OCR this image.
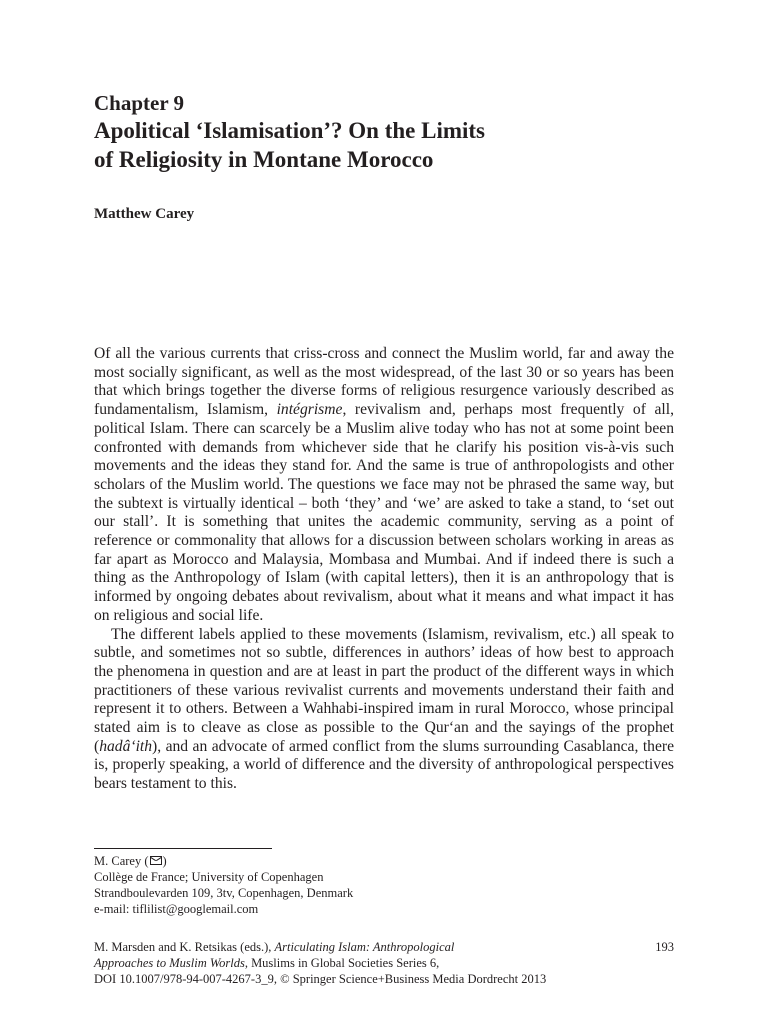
Chapter 9
Apolitical ‘Islamisation’? On the Limits
of Religiosity in Montane Morocco
Matthew Carey

Of all the various currents that criss-cross and connect the Muslim world, far and away the most socially significant, as well as the most widespread, of the last 30 or so years has been that which brings together the diverse forms of religious resurgence variously described as fundamentalism, Islamism, intégrisme, revivalism and, perhaps most frequently of all, political Islam. There can scarcely be a Muslim alive today who has not at some point been confronted with demands from whichever side that he clarify his position vis-à-vis such movements and the ideas they stand for. And the same is true of anthropologists and other scholars of the Muslim world. The questions we face may not be phrased the same way, but the subtext is virtually identical – both ‘they’ and ‘we’ are asked to take a stand, to ‘set out our stall’. It is something that unites the academic community, serving as a point of reference or commonality that allows for a discussion between scholars working in areas as far apart as Morocco and Malaysia, Mombasa and Mumbai. And if indeed there is such a thing as the Anthropology of Islam (with capital letters), then it is an anthropology that is informed by ongoing debates about revivalism, about what it means and what impact it has on religious and social life.

The different labels applied to these movements (Islamism, revivalism, etc.) all speak to subtle, and sometimes not so subtle, differences in authors’ ideas of how best to approach the phenomena in question and are at least in part the product of the different ways in which practitioners of these various revivalist currents and movements understand their faith and represent it to others. Between a Wahhabi-inspired imam in rural Morocco, whose principal stated aim is to cleave as close as possible to the Qur‘an and the sayings of the prophet (hadâ‘ith), and an advocate of armed conflict from the slums surrounding Casablanca, there is, properly speaking, a world of difference and the diversity of anthropological perspectives bears testament to this.

M. Carey ( )
Collège de France; University of Copenhagen
Strandboulevarden 109, 3tv, Copenhagen, Denmark
e-mail: tiflilist@googlemail.com
M. Marsden and K. Retsikas (eds.), Articulating Islam: Anthropological
Approaches to Muslim Worlds, Muslims in Global Societies Series 6,
DOI 10.1007/978-94-007-4267-3_9, © Springer Science+Business Media Dordrecht 2013
193
